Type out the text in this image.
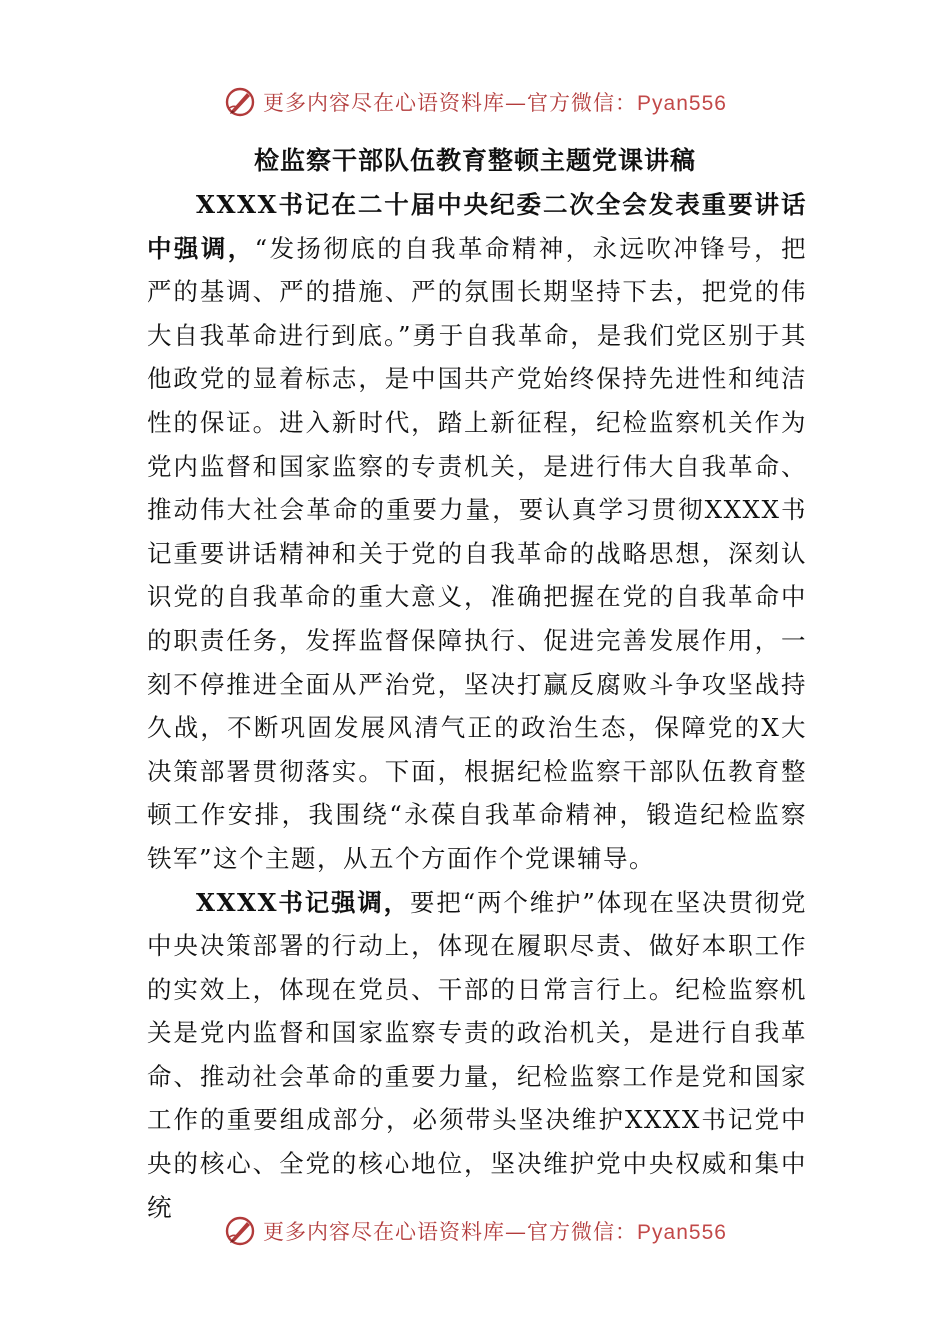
更多内容尽在心语资料库—官方微信：Pyan556
检监察干部队伍教育整顿主题党课讲稿

XXXX书记在二十届中央纪委二次全会发表重要讲话中强调，“发扬彻底的自我革命精神，永远吹冲锋号，把严的基调、严的措施、严的氛围长期坚持下去，把党的伟大自我革命进行到底。”勇于自我革命，是我们党区别于其他政党的显着标志，是中国共产党始终保持先进性和纯洁性的保证。进入新时代，踏上新征程，纪检监察机关作为党内监督和国家监察的专责机关，是进行伟大自我革命、推动伟大社会革命的重要力量，要认真学习贯彻XXXX书记重要讲话精神和关于党的自我革命的战略思想，深刻认识党的自我革命的重大意义，准确把握在党的自我革命中的职责任务，发挥监督保障执行、促进完善发展作用，一刻不停推进全面从严治党，坚决打赢反腐败斗争攻坚战持久战，不断巩固发展风清气正的政治生态，保障党的X大决策部署贯彻落实。下面，根据纪检监察干部队伍教育整顿工作安排，我围绕“永葆自我革命精神，锻造纪检监察铁军”这个主题，从五个方面作个党课辅导。

XXXX书记强调，要把“两个维护”体现在坚决贯彻党中央决策部署的行动上，体现在履职尽责、做好本职工作的实效上，体现在党员、干部的日常言行上。纪检监察机关是党内监督和国家监察专责的政治机关，是进行自我革命、推动社会革命的重要力量，纪检监察工作是党和国家工作的重要组成部分，必须带头坚决维护XXXX书记党中央的核心、全党的核心地位，坚决维护党中央权威和集中统

更多内容尽在心语资料库—官方微信：Pyan556
